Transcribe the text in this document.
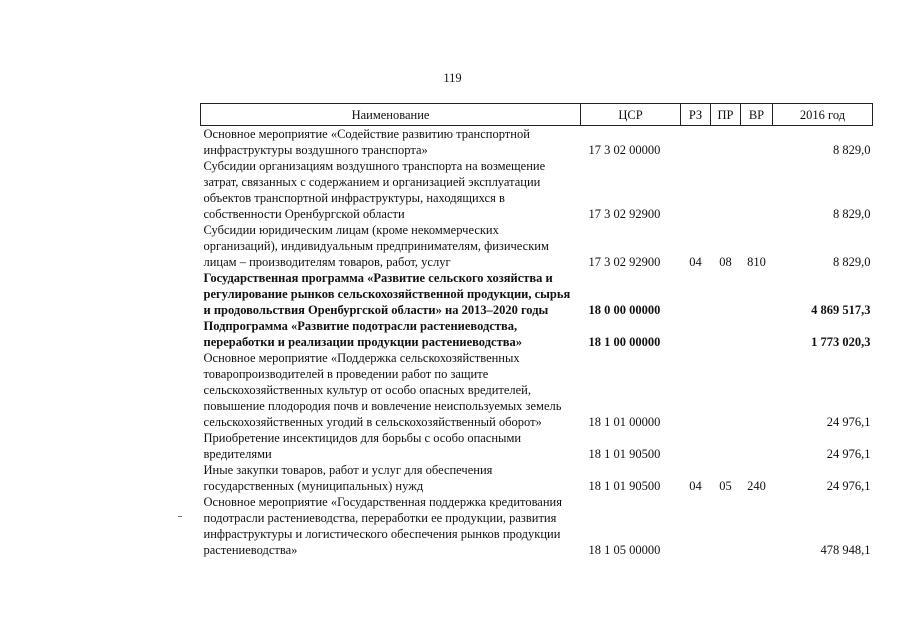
119
Наименование	ЦСР	РЗ	ПР	ВР	2016 год
Основное мероприятие «Содействие развитию транспортной инфраструктуры воздушного транспорта»	17 3 02 00000				8 829,0
Субсидии организациям воздушного транспорта на возмещение затрат, связанных с содержанием и организацией эксплуатации объектов транспортной инфраструктуры, находящихся в собственности Оренбургской области	17 3 02 92900				8 829,0
Субсидии юридическим лицам (кроме некоммерческих организаций), индивидуальным предпринимателям, физическим лицам – производителям товаров, работ, услуг	17 3 02 92900	04	08	810	8 829,0
Государственная программа «Развитие сельского хозяйства и регулирование рынков сельскохозяйственной продукции, сырья и продовольствия Оренбургской области» на 2013–2020 годы	18 0 00 00000				4 869 517,3
Подпрограмма «Развитие подотрасли растениеводства, переработки и реализации продукции растениеводства»	18 1 00 00000				1 773 020,3
Основное мероприятие «Поддержка сельскохозяйственных товаропроизводителей в проведении работ по защите сельскохозяйственных культур от особо опасных вредителей, повышение плодородия почв и вовлечение неиспользуемых земель сельскохозяйственных угодий в сельскохозяйственный оборот»	18 1 01 00000				24 976,1
Приобретение инсектицидов для борьбы с особо опасными вредителями	18 1 01 90500				24 976,1
Иные закупки товаров, работ и услуг для обеспечения государственных (муниципальных) нужд	18 1 01 90500	04	05	240	24 976,1
Основное мероприятие «Государственная поддержка кредитования подотрасли растениеводства, переработки ее продукции, развития инфраструктуры и логистического обеспечения рынков продукции растениеводства»	18 1 05 00000				478 948,1
